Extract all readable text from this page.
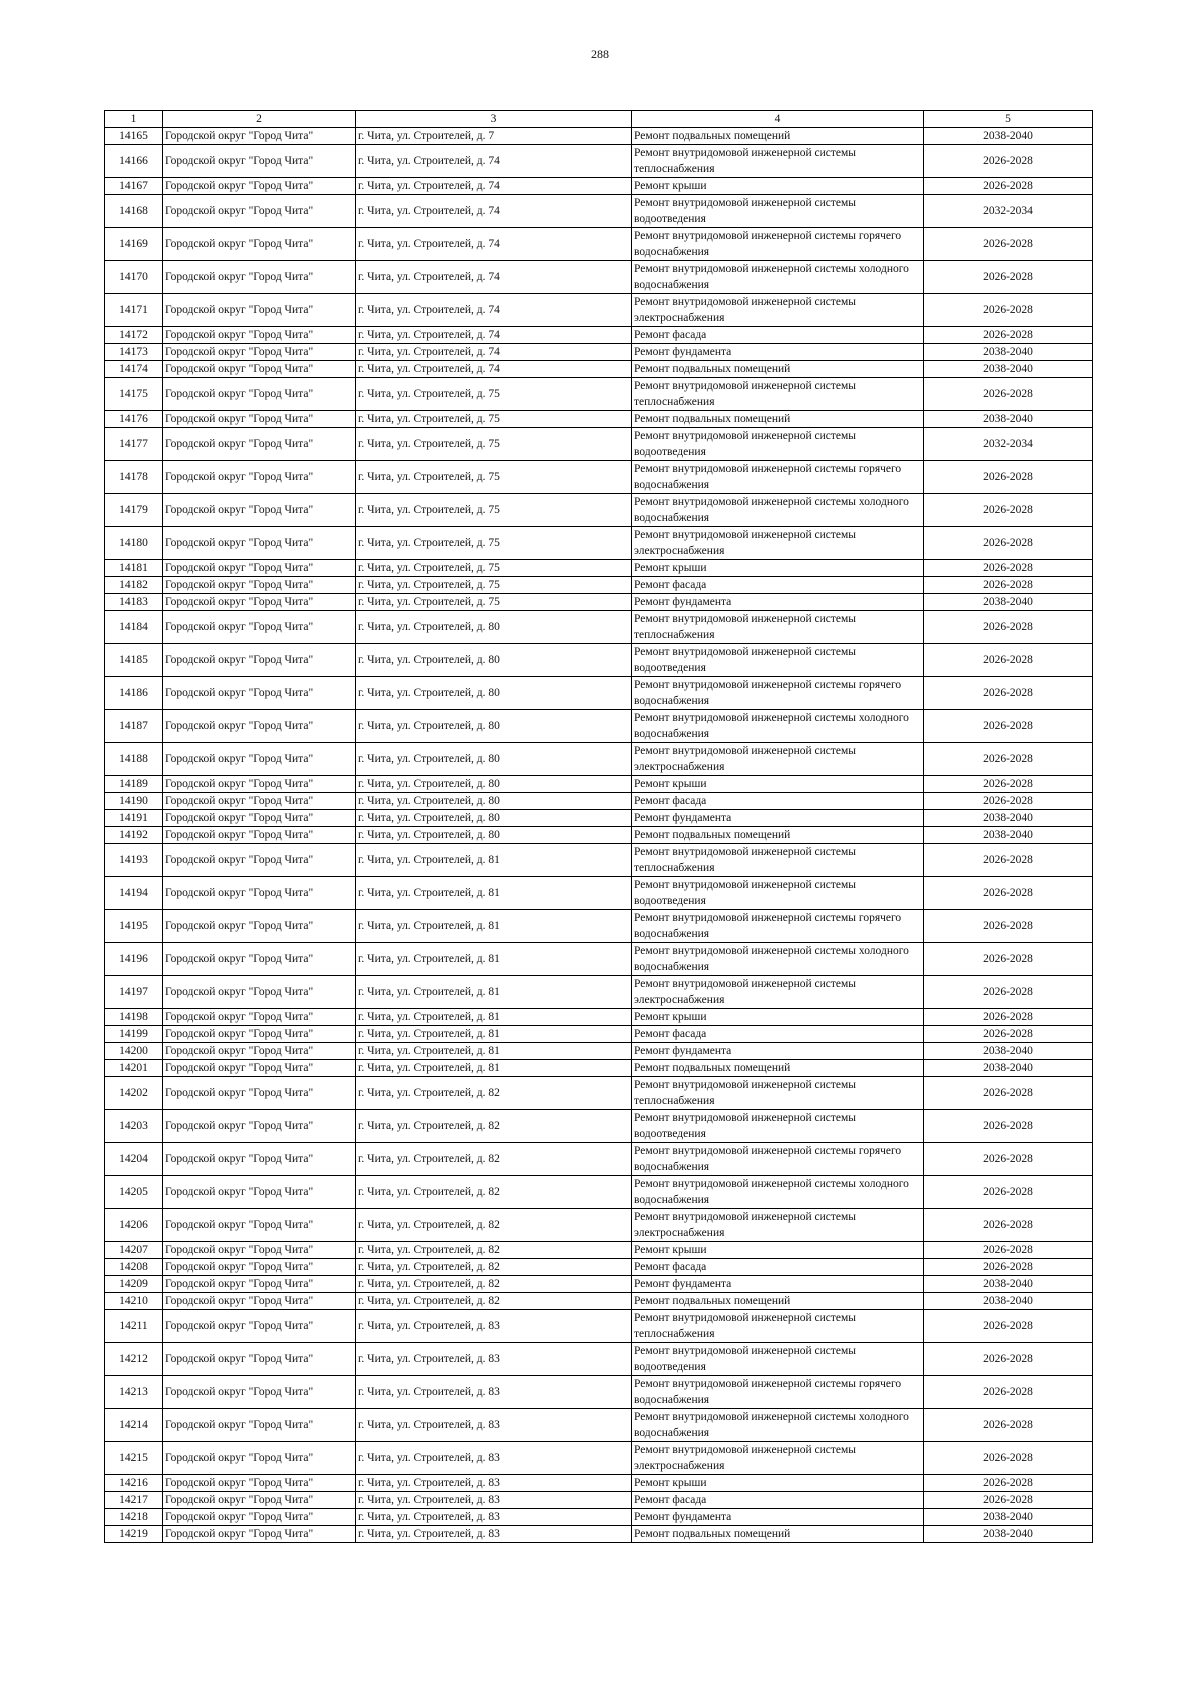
288
1	2	3	4	5
14165	Городской округ "Город Чита"	г. Чита, ул. Строителей, д. 7	Ремонт подвальных помещений	2038-2040
14166	Городской округ "Город Чита"	г. Чита, ул. Строителей, д. 74	Ремонт внутридомовой инженерной системы теплоснабжения	2026-2028
14167	Городской округ "Город Чита"	г. Чита, ул. Строителей, д. 74	Ремонт крыши	2026-2028
14168	Городской округ "Город Чита"	г. Чита, ул. Строителей, д. 74	Ремонт внутридомовой инженерной системы водоотведения	2032-2034
14169	Городской округ "Город Чита"	г. Чита, ул. Строителей, д. 74	Ремонт внутридомовой инженерной системы горячего водоснабжения	2026-2028
14170	Городской округ "Город Чита"	г. Чита, ул. Строителей, д. 74	Ремонт внутридомовой инженерной системы холодного водоснабжения	2026-2028
14171	Городской округ "Город Чита"	г. Чита, ул. Строителей, д. 74	Ремонт внутридомовой инженерной системы электроснабжения	2026-2028
14172	Городской округ "Город Чита"	г. Чита, ул. Строителей, д. 74	Ремонт фасада	2026-2028
14173	Городской округ "Город Чита"	г. Чита, ул. Строителей, д. 74	Ремонт фундамента	2038-2040
14174	Городской округ "Город Чита"	г. Чита, ул. Строителей, д. 74	Ремонт подвальных помещений	2038-2040
14175	Городской округ "Город Чита"	г. Чита, ул. Строителей, д. 75	Ремонт внутридомовой инженерной системы теплоснабжения	2026-2028
14176	Городской округ "Город Чита"	г. Чита, ул. Строителей, д. 75	Ремонт подвальных помещений	2038-2040
14177	Городской округ "Город Чита"	г. Чита, ул. Строителей, д. 75	Ремонт внутридомовой инженерной системы водоотведения	2032-2034
14178	Городской округ "Город Чита"	г. Чита, ул. Строителей, д. 75	Ремонт внутридомовой инженерной системы горячего водоснабжения	2026-2028
14179	Городской округ "Город Чита"	г. Чита, ул. Строителей, д. 75	Ремонт внутридомовой инженерной системы холодного водоснабжения	2026-2028
14180	Городской округ "Город Чита"	г. Чита, ул. Строителей, д. 75	Ремонт внутридомовой инженерной системы электроснабжения	2026-2028
14181	Городской округ "Город Чита"	г. Чита, ул. Строителей, д. 75	Ремонт крыши	2026-2028
14182	Городской округ "Город Чита"	г. Чита, ул. Строителей, д. 75	Ремонт фасада	2026-2028
14183	Городской округ "Город Чита"	г. Чита, ул. Строителей, д. 75	Ремонт фундамента	2038-2040
14184	Городской округ "Город Чита"	г. Чита, ул. Строителей, д. 80	Ремонт внутридомовой инженерной системы теплоснабжения	2026-2028
14185	Городской округ "Город Чита"	г. Чита, ул. Строителей, д. 80	Ремонт внутридомовой инженерной системы водоотведения	2026-2028
14186	Городской округ "Город Чита"	г. Чита, ул. Строителей, д. 80	Ремонт внутридомовой инженерной системы горячего водоснабжения	2026-2028
14187	Городской округ "Город Чита"	г. Чита, ул. Строителей, д. 80	Ремонт внутридомовой инженерной системы холодного водоснабжения	2026-2028
14188	Городской округ "Город Чита"	г. Чита, ул. Строителей, д. 80	Ремонт внутридомовой инженерной системы электроснабжения	2026-2028
14189	Городской округ "Город Чита"	г. Чита, ул. Строителей, д. 80	Ремонт крыши	2026-2028
14190	Городской округ "Город Чита"	г. Чита, ул. Строителей, д. 80	Ремонт фасада	2026-2028
14191	Городской округ "Город Чита"	г. Чита, ул. Строителей, д. 80	Ремонт фундамента	2038-2040
14192	Городской округ "Город Чита"	г. Чита, ул. Строителей, д. 80	Ремонт подвальных помещений	2038-2040
14193	Городской округ "Город Чита"	г. Чита, ул. Строителей, д. 81	Ремонт внутридомовой инженерной системы теплоснабжения	2026-2028
14194	Городской округ "Город Чита"	г. Чита, ул. Строителей, д. 81	Ремонт внутридомовой инженерной системы водоотведения	2026-2028
14195	Городской округ "Город Чита"	г. Чита, ул. Строителей, д. 81	Ремонт внутридомовой инженерной системы горячего водоснабжения	2026-2028
14196	Городской округ "Город Чита"	г. Чита, ул. Строителей, д. 81	Ремонт внутридомовой инженерной системы холодного водоснабжения	2026-2028
14197	Городской округ "Город Чита"	г. Чита, ул. Строителей, д. 81	Ремонт внутридомовой инженерной системы электроснабжения	2026-2028
14198	Городской округ "Город Чита"	г. Чита, ул. Строителей, д. 81	Ремонт крыши	2026-2028
14199	Городской округ "Город Чита"	г. Чита, ул. Строителей, д. 81	Ремонт фасада	2026-2028
14200	Городской округ "Город Чита"	г. Чита, ул. Строителей, д. 81	Ремонт фундамента	2038-2040
14201	Городской округ "Город Чита"	г. Чита, ул. Строителей, д. 81	Ремонт подвальных помещений	2038-2040
14202	Городской округ "Город Чита"	г. Чита, ул. Строителей, д. 82	Ремонт внутридомовой инженерной системы теплоснабжения	2026-2028
14203	Городской округ "Город Чита"	г. Чита, ул. Строителей, д. 82	Ремонт внутридомовой инженерной системы водоотведения	2026-2028
14204	Городской округ "Город Чита"	г. Чита, ул. Строителей, д. 82	Ремонт внутридомовой инженерной системы горячего водоснабжения	2026-2028
14205	Городской округ "Город Чита"	г. Чита, ул. Строителей, д. 82	Ремонт внутридомовой инженерной системы холодного водоснабжения	2026-2028
14206	Городской округ "Город Чита"	г. Чита, ул. Строителей, д. 82	Ремонт внутридомовой инженерной системы электроснабжения	2026-2028
14207	Городской округ "Город Чита"	г. Чита, ул. Строителей, д. 82	Ремонт крыши	2026-2028
14208	Городской округ "Город Чита"	г. Чита, ул. Строителей, д. 82	Ремонт фасада	2026-2028
14209	Городской округ "Город Чита"	г. Чита, ул. Строителей, д. 82	Ремонт фундамента	2038-2040
14210	Городской округ "Город Чита"	г. Чита, ул. Строителей, д. 82	Ремонт подвальных помещений	2038-2040
14211	Городской округ "Город Чита"	г. Чита, ул. Строителей, д. 83	Ремонт внутридомовой инженерной системы теплоснабжения	2026-2028
14212	Городской округ "Город Чита"	г. Чита, ул. Строителей, д. 83	Ремонт внутридомовой инженерной системы водоотведения	2026-2028
14213	Городской округ "Город Чита"	г. Чита, ул. Строителей, д. 83	Ремонт внутридомовой инженерной системы горячего водоснабжения	2026-2028
14214	Городской округ "Город Чита"	г. Чита, ул. Строителей, д. 83	Ремонт внутридомовой инженерной системы холодного водоснабжения	2026-2028
14215	Городской округ "Город Чита"	г. Чита, ул. Строителей, д. 83	Ремонт внутридомовой инженерной системы электроснабжения	2026-2028
14216	Городской округ "Город Чита"	г. Чита, ул. Строителей, д. 83	Ремонт крыши	2026-2028
14217	Городской округ "Город Чита"	г. Чита, ул. Строителей, д. 83	Ремонт фасада	2026-2028
14218	Городской округ "Город Чита"	г. Чита, ул. Строителей, д. 83	Ремонт фундамента	2038-2040
14219	Городской округ "Город Чита"	г. Чита, ул. Строителей, д. 83	Ремонт подвальных помещений	2038-2040
